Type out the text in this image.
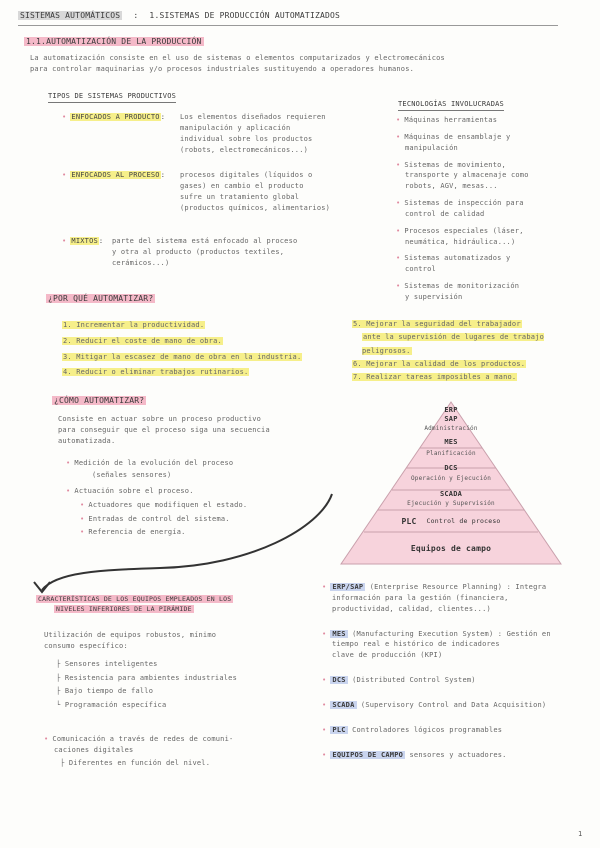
SISTEMAS AUTOMÁTICOS : 1.SISTEMAS DE PRODUCCIÓN AUTOMATIZADOS
1.1.AUTOMATIZACIÓN DE LA PRODUCCIÓN
La automatización consiste en el uso de sistemas o elementos computarizados y electromecánicos
para controlar maquinarias y/o procesos industriales sustituyendo a operadores humanos.
TIPOS DE SISTEMAS PRODUCTIVOS
• ENFOCADOS A PRODUCTO:	Los elementos diseñados requieren
manipulación y aplicación
individual sobre los productos
(robots, electromecánicos...)
• ENFOCADOS AL PROCESO:	procesos digitales (líquidos o
gases) en cambio el producto
sufre un tratamiento global
(productos químicos, alimentarios)
• MIXTOS:	parte del sistema está enfocado al proceso
y otra al producto (productos textiles,
cerámicos...)
TECNOLOGÍAS INVOLUCRADAS
• Máquinas herramientas
• Máquinas de ensamblaje y
manipulación
• Sistemas de movimiento,
transporte y almacenaje como
robots, AGV, mesas...
• Sistemas de inspección para
control de calidad
• Procesos especiales (láser,
neumática, hidráulica...)
• Sistemas automatizados y
control
• Sistemas de monitorización
y supervisión
¿POR QUÉ AUTOMATIZAR?
1. Incrementar la productividad.
2. Reducir el coste de mano de obra.
3. Mitigar la escasez de mano de obra en la industria.
4. Reducir o eliminar trabajos rutinarios.
5. Mejorar la seguridad del trabajador
ante la supervisión de lugares de trabajo peligrosos.
6. Mejorar la calidad de los productos.
7. Realizar tareas imposibles a mano.
¿CÓMO AUTOMATIZAR?
Consiste en actuar sobre un proceso productivo
para conseguir que el proceso siga una secuencia
automatizada.
• Medición de la evolución del proceso
(señales sensores)
• Actuación sobre el proceso.
• Actuadores que modifiquen el estado.
• Entradas de control del sistema.
• Referencia de energía.
ERP
SAP
Administración
MES
Planificación
DCS
Operación y Ejecución
SCADA
Ejecución y Supervisión
PLC Control de proceso
Equipos de campo
CARACTERÍSTICAS DE LOS EQUIPOS EMPLEADOS EN LOS
NIVELES INFERIORES DE LA PIRÁMIDE
Utilización de equipos robustos, mínimo
consumo específico:
├ Sensores inteligentes
├ Resistencia para ambientes industriales
├ Bajo tiempo de fallo
└ Programación específica
• Comunicación a través de redes de comuni-
caciones digitales
├ Diferentes en función del nivel.
• ERP/SAP (Enterprise Resource Planning) : Integra
información para la gestión (financiera,
productividad, calidad, clientes...)
• MES (Manufacturing Execution System) : Gestión en
tiempo real e histórico de indicadores
clave de producción (KPI)
• DCS (Distributed Control System)
• SCADA (Supervisory Control and Data Acquisition)
• PLC Controladores lógicos programables
• EQUIPOS DE CAMPO sensores y actuadores.
1
